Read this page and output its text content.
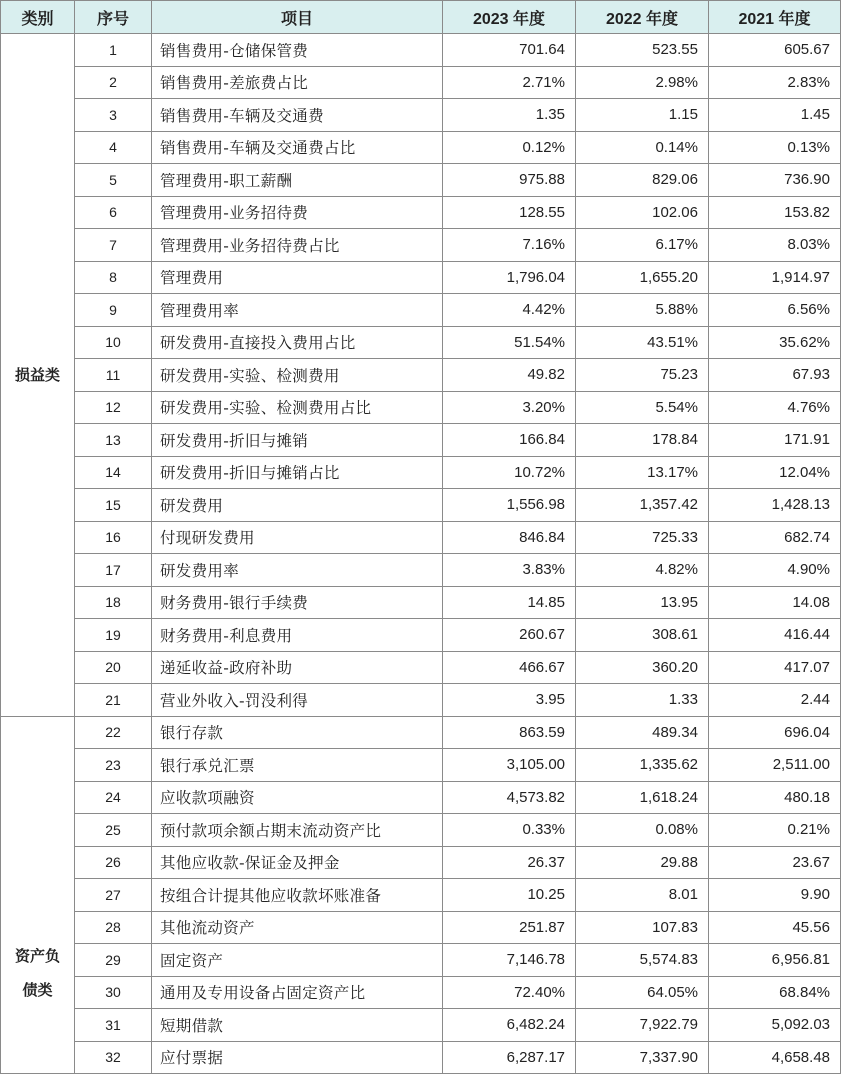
类别	序号	项目	2023 年度	2022 年度	2021 年度
损益类	1	销售费用-仓储保管费	701.64	523.55	605.67
	2	销售费用-差旅费占比	2.71%	2.98%	2.83%
	3	销售费用-车辆及交通费	1.35	1.15	1.45
	4	销售费用-车辆及交通费占比	0.12%	0.14%	0.13%
	5	管理费用-职工薪酬	975.88	829.06	736.90
	6	管理费用-业务招待费	128.55	102.06	153.82
	7	管理费用-业务招待费占比	7.16%	6.17%	8.03%
	8	管理费用	1,796.04	1,655.20	1,914.97
	9	管理费用率	4.42%	5.88%	6.56%
	10	研发费用-直接投入费用占比	51.54%	43.51%	35.62%
	11	研发费用-实验、检测费用	49.82	75.23	67.93
	12	研发费用-实验、检测费用占比	3.20%	5.54%	4.76%
	13	研发费用-折旧与摊销	166.84	178.84	171.91
	14	研发费用-折旧与摊销占比	10.72%	13.17%	12.04%
	15	研发费用	1,556.98	1,357.42	1,428.13
	16	付现研发费用	846.84	725.33	682.74
	17	研发费用率	3.83%	4.82%	4.90%
	18	财务费用-银行手续费	14.85	13.95	14.08
	19	财务费用-利息费用	260.67	308.61	416.44
	20	递延收益-政府补助	466.67	360.20	417.07
	21	营业外收入-罚没利得	3.95	1.33	2.44

资产负
债类	22	银行存款	863.59	489.34	696.04
	23	银行承兑汇票	3,105.00	1,335.62	2,511.00
	24	应收款项融资	4,573.82	1,618.24	480.18
	25	预付款项余额占期末流动资产比	0.33%	0.08%	0.21%
	26	其他应收款-保证金及押金	26.37	29.88	23.67
	27	按组合计提其他应收款坏账准备	10.25	8.01	9.90
	28	其他流动资产	251.87	107.83	45.56
	29	固定资产	7,146.78	5,574.83	6,956.81
	30	通用及专用设备占固定资产比	72.40%	64.05%	68.84%
	31	短期借款	6,482.24	7,922.79	5,092.03
	32	应付票据	6,287.17	7,337.90	4,658.48
